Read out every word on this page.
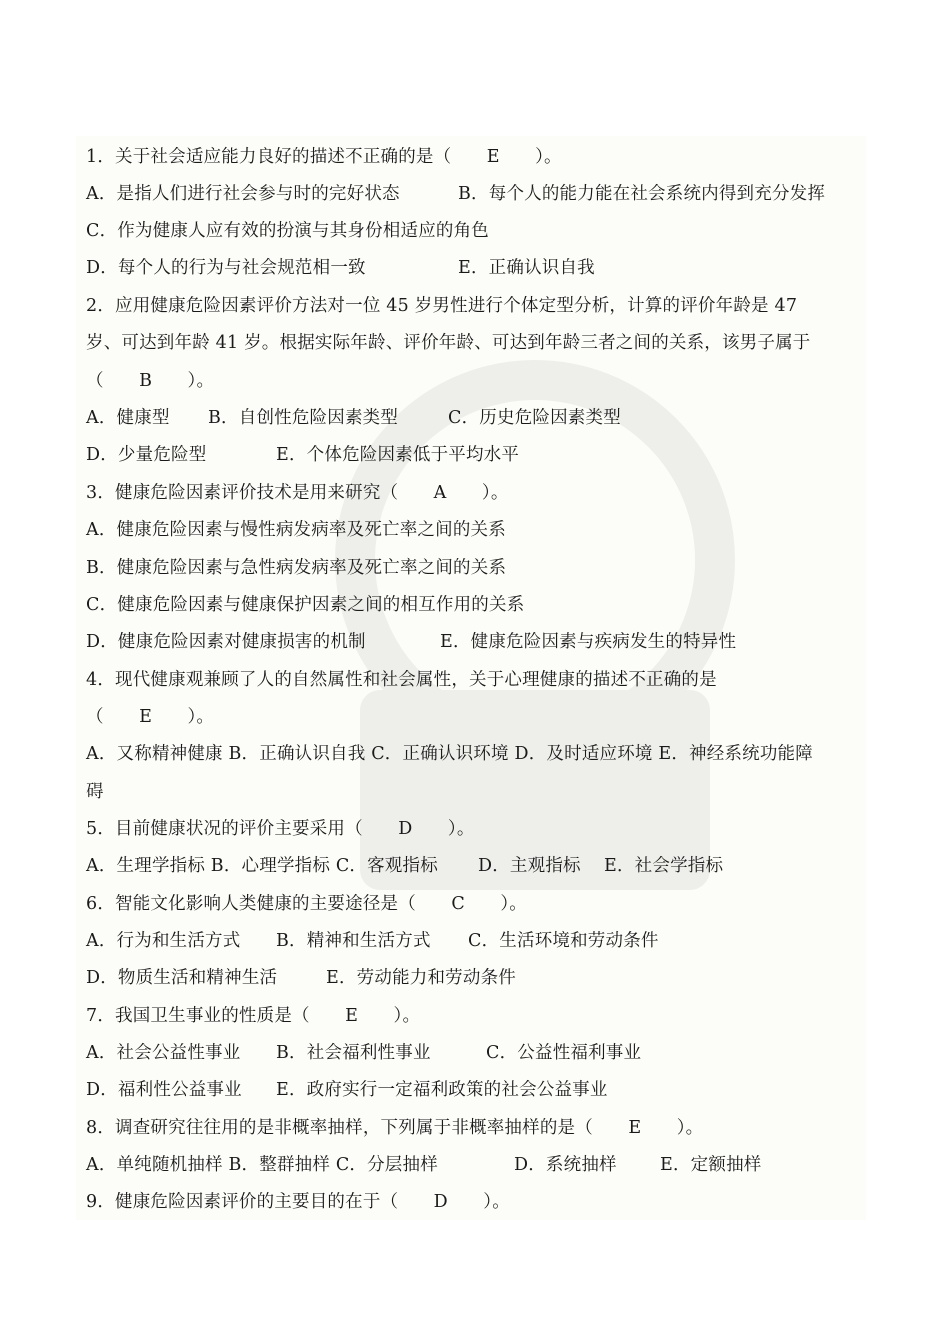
1．关于社会适应能力良好的描述不正确的是（　　E　　）。
A．是指人们进行社会参与时的完好状态	B．每个人的能力能在社会系统内得到充分发挥
C．作为健康人应有效的扮演与其身份相适应的角色
D．每个人的行为与社会规范相一致	E．正确认识自我
2．应用健康危险因素评价方法对一位 45 岁男性进行个体定型分析，计算的评价年龄是 47
岁、可达到年龄 41 岁。根据实际年龄、评价年龄、可达到年龄三者之间的关系，该男子属于
（　　B　　）。
A．健康型 B．自创性危险因素类型	C．历史危险因素类型
D．少量危险型	E．个体危险因素低于平均水平
3．健康危险因素评价技术是用来研究（　　A　　）。
A．健康危险因素与慢性病发病率及死亡率之间的关系
B．健康危险因素与急性病发病率及死亡率之间的关系
C．健康危险因素与健康保护因素之间的相互作用的关系
D．健康危险因素对健康损害的机制	E．健康危险因素与疾病发生的特异性
4．现代健康观兼顾了人的自然属性和社会属性，关于心理健康的描述不正确的是
（　　E　　）。
A．又称精神健康 B．正确认识自我 C．正确认识环境 D．及时适应环境 E．神经系统功能障
碍
5．目前健康状况的评价主要采用（　　D　　）。
A．生理学指标 B．心理学指标 C．客观指标 D．主观指标 E．社会学指标
6．智能文化影响人类健康的主要途径是（　　C　　）。
A．行为和生活方式 B．精神和生活方式 C．生活环境和劳动条件
D．物质生活和精神生活	E．劳动能力和劳动条件
7．我国卫生事业的性质是（　　E　　）。
A．社会公益性事业 B．社会福利性事业	C．公益性福利事业
D．福利性公益事业 E．政府实行一定福利政策的社会公益事业
8．调查研究往往用的是非概率抽样，下列属于非概率抽样的是（　　E　　）。
A．单纯随机抽样 B．整群抽样 C．分层抽样	D．系统抽样 E．定额抽样
9．健康危险因素评价的主要目的在于（　　D　　）。
